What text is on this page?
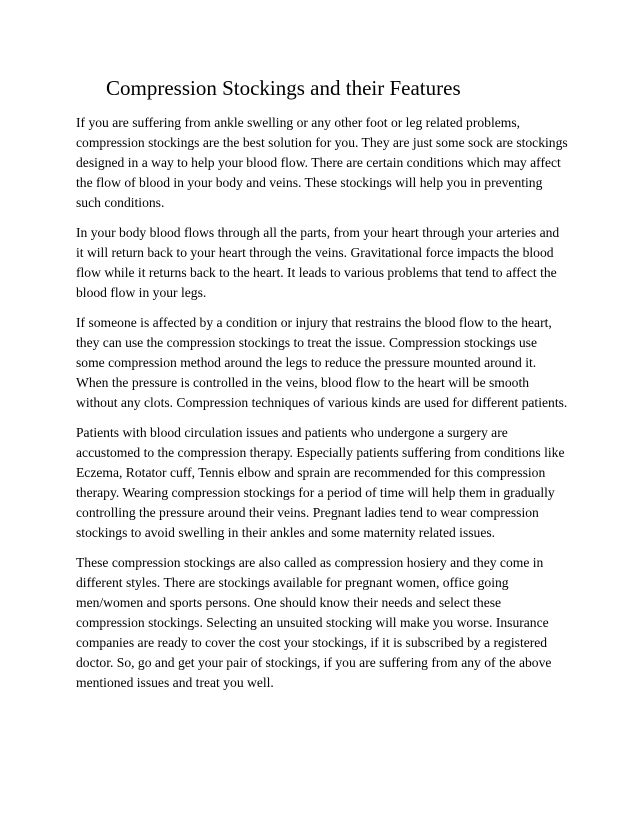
Compression Stockings and their Features

If you are suffering from ankle swelling or any other foot or leg related problems, compression stockings are the best solution for you. They are just some sock are stockings designed in a way to help your blood flow. There are certain conditions which may affect the flow of blood in your body and veins. These stockings will help you in preventing such conditions.

In your body blood flows through all the parts, from your heart through your arteries and it will return back to your heart through the veins. Gravitational force impacts the blood flow while it returns back to the heart. It leads to various problems that tend to affect the blood flow in your legs.

If someone is affected by a condition or injury that restrains the blood flow to the heart, they can use the compression stockings to treat the issue. Compression stockings use some compression method around the legs to reduce the pressure mounted around it. When the pressure is controlled in the veins, blood flow to the heart will be smooth without any clots. Compression techniques of various kinds are used for different patients.

Patients with blood circulation issues and patients who undergone a surgery are accustomed to the compression therapy. Especially patients suffering from conditions like Eczema, Rotator cuff, Tennis elbow and sprain are recommended for this compression therapy. Wearing compression stockings for a period of time will help them in gradually controlling the pressure around their veins. Pregnant ladies tend to wear compression stockings to avoid swelling in their ankles and some maternity related issues.

These compression stockings are also called as compression hosiery and they come in different styles. There are stockings available for pregnant women, office going men/women and sports persons. One should know their needs and select these compression stockings. Selecting an unsuited stocking will make you worse. Insurance companies are ready to cover the cost your stockings, if it is subscribed by a registered doctor. So, go and get your pair of stockings, if you are suffering from any of the above mentioned issues and treat you well.
